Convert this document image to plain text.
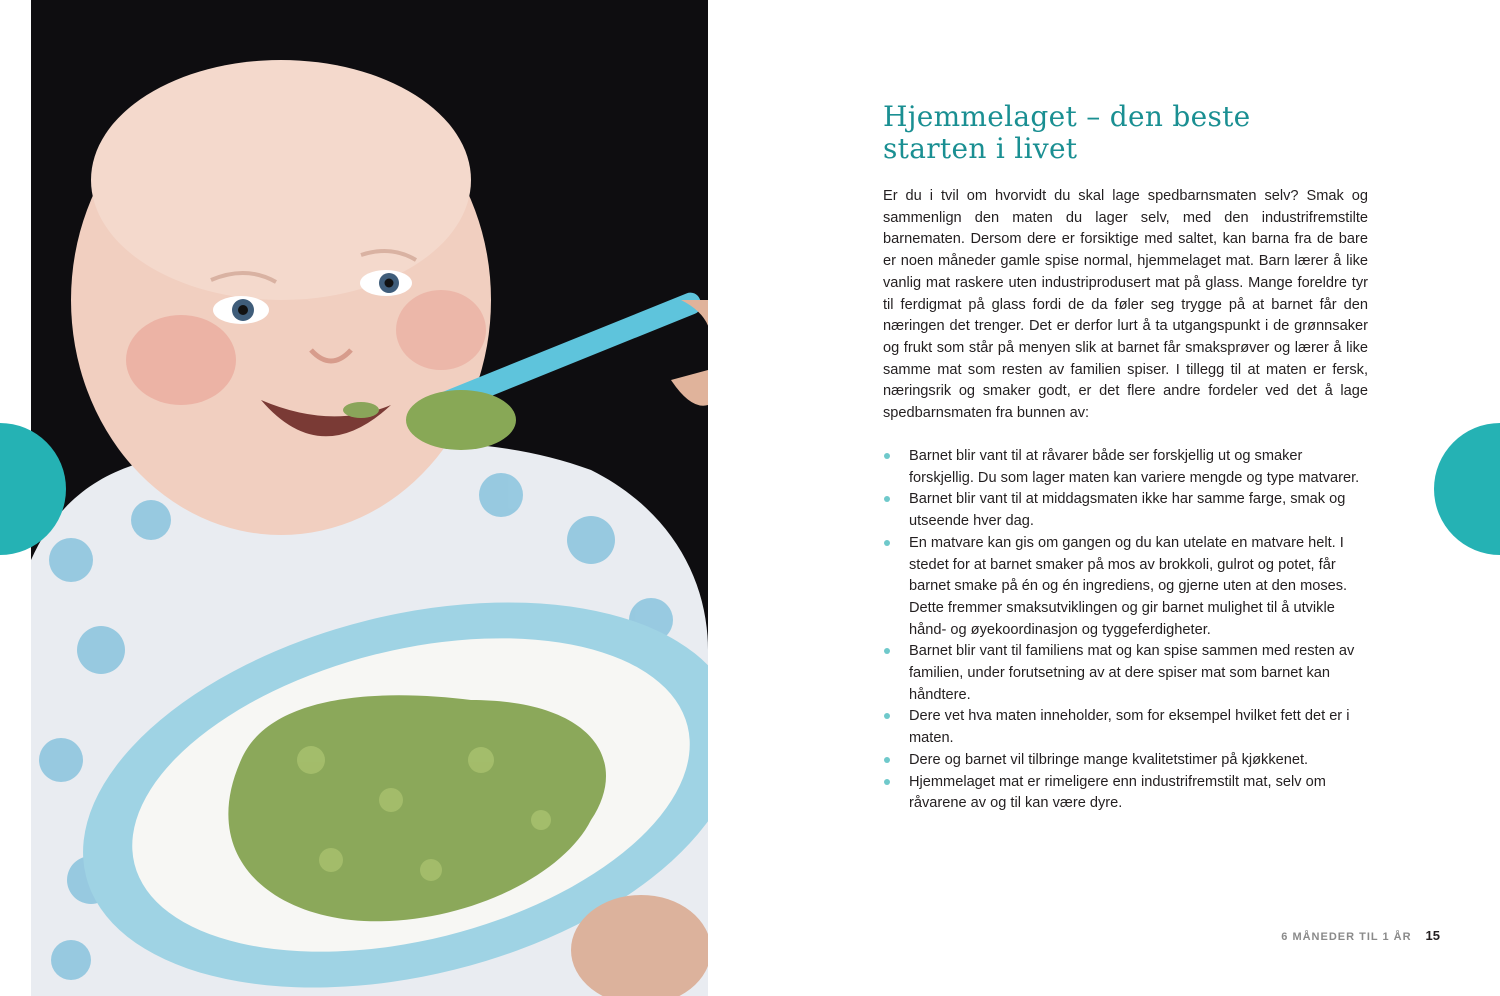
Hjemmelaget – den beste
starten i livet

Er du i tvil om hvorvidt du skal lage spedbarnsmaten selv? Smak og sammenlign den maten du lager selv, med den industrifremstilte barnematen. Dersom dere er forsiktige med saltet, kan barna fra de bare er noen måneder gamle spise normal, hjemmelaget mat. Barn lærer å like vanlig mat raskere uten industriprodusert mat på glass. Mange foreldre tyr til ferdigmat på glass fordi de da føler seg trygge på at barnet får den næringen det trenger. Det er derfor lurt å ta utgangspunkt i de grønnsaker og frukt som står på menyen slik at barnet får smaksprøver og lærer å like samme mat som resten av familien spiser. I tillegg til at maten er fersk, næringsrik og smaker godt, er det flere andre fordeler ved det å lage spedbarnsmaten fra bunnen av:

Barnet blir vant til at råvarer både ser forskjellig ut og smaker forskjellig. Du som lager maten kan variere mengde og type matvarer.
Barnet blir vant til at middagsmaten ikke har samme farge, smak og utseende hver dag.
En matvare kan gis om gangen og du kan utelate en matvare helt. I stedet for at barnet smaker på mos av brokkoli, gulrot og potet, får barnet smake på én og én ingrediens, og gjerne uten at den moses. Dette fremmer smaksutviklingen og gir barnet mulighet til å utvikle hånd- og øyekoordinasjon og tyggeferdigheter.
Barnet blir vant til familiens mat og kan spise sammen med resten av familien, under forutsetning av at dere spiser mat som barnet kan håndtere.
Dere vet hva maten inneholder, som for eksempel hvilket fett det er i maten.
Dere og barnet vil tilbringe mange kvalitetstimer på kjøkkenet.
Hjemmelaget mat er rimeligere enn industrifremstilt mat, selv om råvarene av og til kan være dyre.
6 MÅNEDER TIL 1 ÅR 15
